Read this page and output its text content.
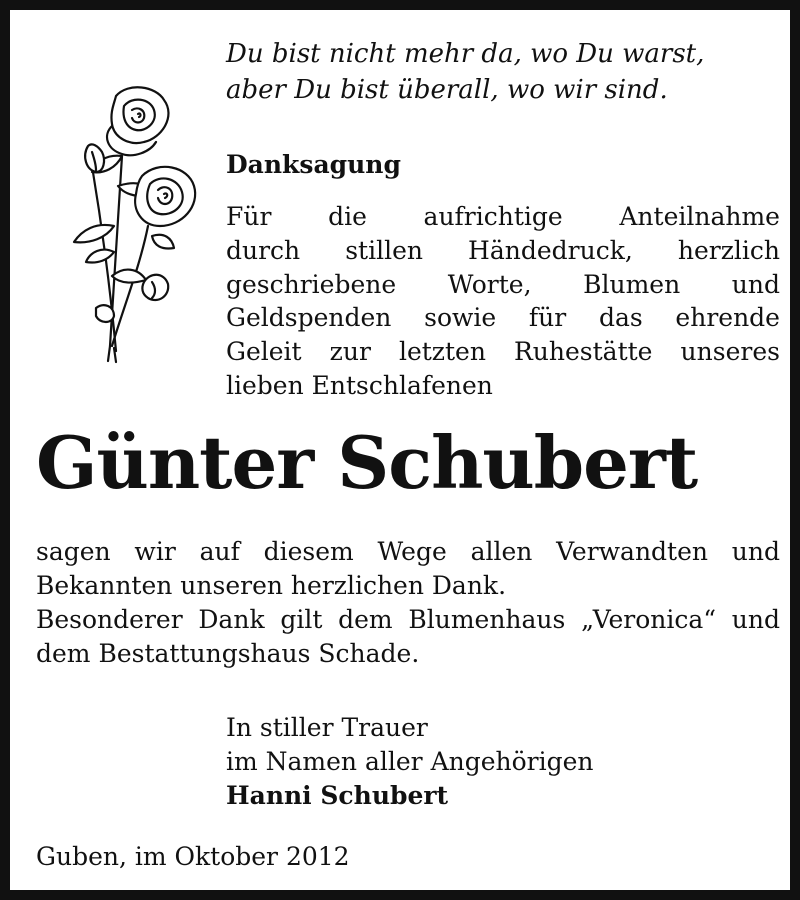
Du bist nicht mehr da, wo Du warst,
aber Du bist überall, wo wir sind.

Danksagung

Für die aufrichtige Anteilnahme
durch stillen Händedruck, herzlich
geschriebene Worte, Blumen und
Geldspenden sowie für das ehrende
Geleit zur letzten Ruhestätte unseres
lieben Entschlafenen

Günter Schubert

sagen wir auf diesem Wege allen Verwandten und
Bekannten unseren herzlichen Dank.
Besonderer Dank gilt dem Blumenhaus „Veronica“ und
dem Bestattungshaus Schade.

In stiller Trauer
im Namen aller Angehörigen
Hanni Schubert

Guben, im Oktober 2012
